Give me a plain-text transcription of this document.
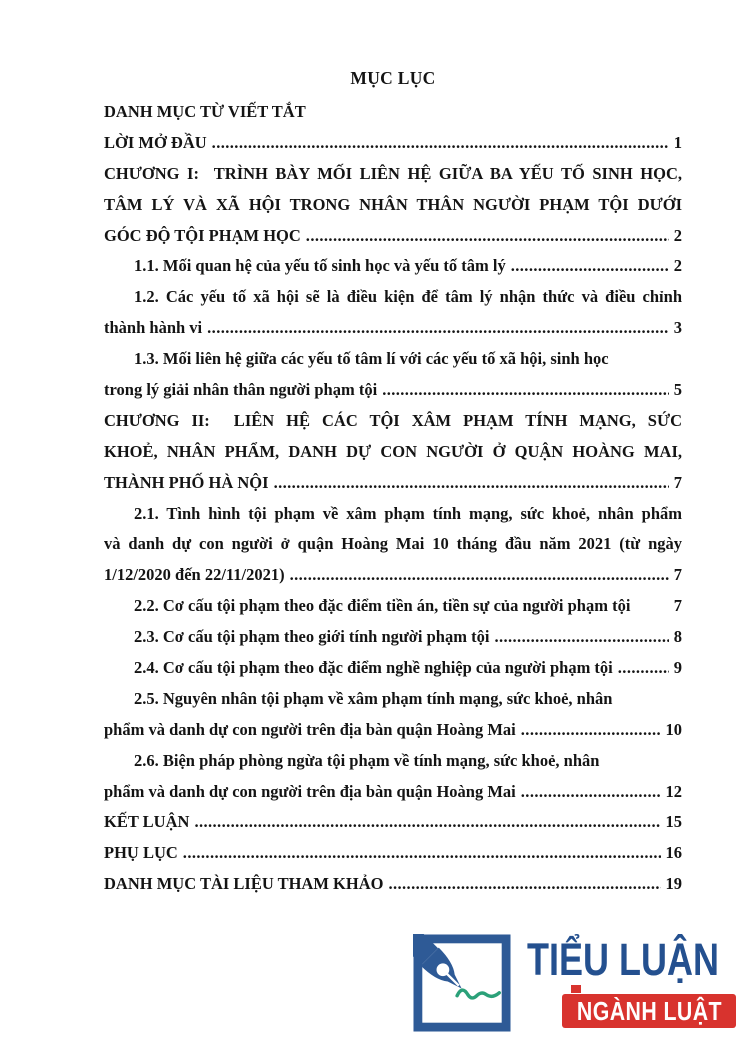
MỤC LỤC
DANH MỤC TỪ VIẾT TẮT
LỜI MỞ ĐẦU .....	1
CHƯƠNG I:  TRÌNH BÀY MỐI LIÊN HỆ GIỮA BA YẾU TỐ SINH HỌC,
TÂM LÝ VÀ XÃ HỘI TRONG NHÂN THÂN NGƯỜI PHẠM TỘI DƯỚI
GÓC ĐỘ TỘI PHẠM HỌC .....	2
1.1. Mối quan hệ của yếu tố sinh học và yếu tố tâm lý .....	2
1.2. Các yếu tố xã hội sẽ là điều kiện để tâm lý nhận thức và điều chỉnh
thành hành vi .....	3
1.3. Mối liên hệ giữa các yếu tố tâm lí với các yếu tố xã hội, sinh học
trong lý giải nhân thân người phạm tội .....	5
CHƯƠNG II:  LIÊN HỆ CÁC TỘI XÂM PHẠM TÍNH MẠNG, SỨC
KHOẺ, NHÂN PHẨM, DANH DỰ CON NGƯỜI Ở QUẬN HOÀNG MAI,
THÀNH PHỐ HÀ NỘI .....	7
2.1. Tình hình tội phạm về xâm phạm tính mạng, sức khoẻ, nhân phẩm
và danh dự con người ở quận Hoàng Mai 10 tháng đầu năm 2021 (từ ngày
1/12/2020 đến 22/11/2021) .....	7
2.2. Cơ cấu tội phạm theo đặc điểm tiền án, tiền sự của người phạm tội	7
2.3. Cơ cấu tội phạm theo giới tính người phạm tội .....	8
2.4. Cơ cấu tội phạm theo đặc điểm nghề nghiệp của người phạm tội .....	9
2.5. Nguyên nhân tội phạm về xâm phạm tính mạng, sức khoẻ, nhân
phẩm và danh dự con người trên địa bàn quận Hoàng Mai .....	10
2.6. Biện pháp phòng ngừa tội phạm về tính mạng, sức khoẻ, nhân
phẩm và danh dự con người trên địa bàn quận Hoàng Mai .....	12
KẾT LUẬN .....	15
PHỤ LỤC .....	16
DANH MỤC TÀI LIỆU THAM KHẢO .....	19
TIỂU LUẬN
NGÀNH LUẬT
